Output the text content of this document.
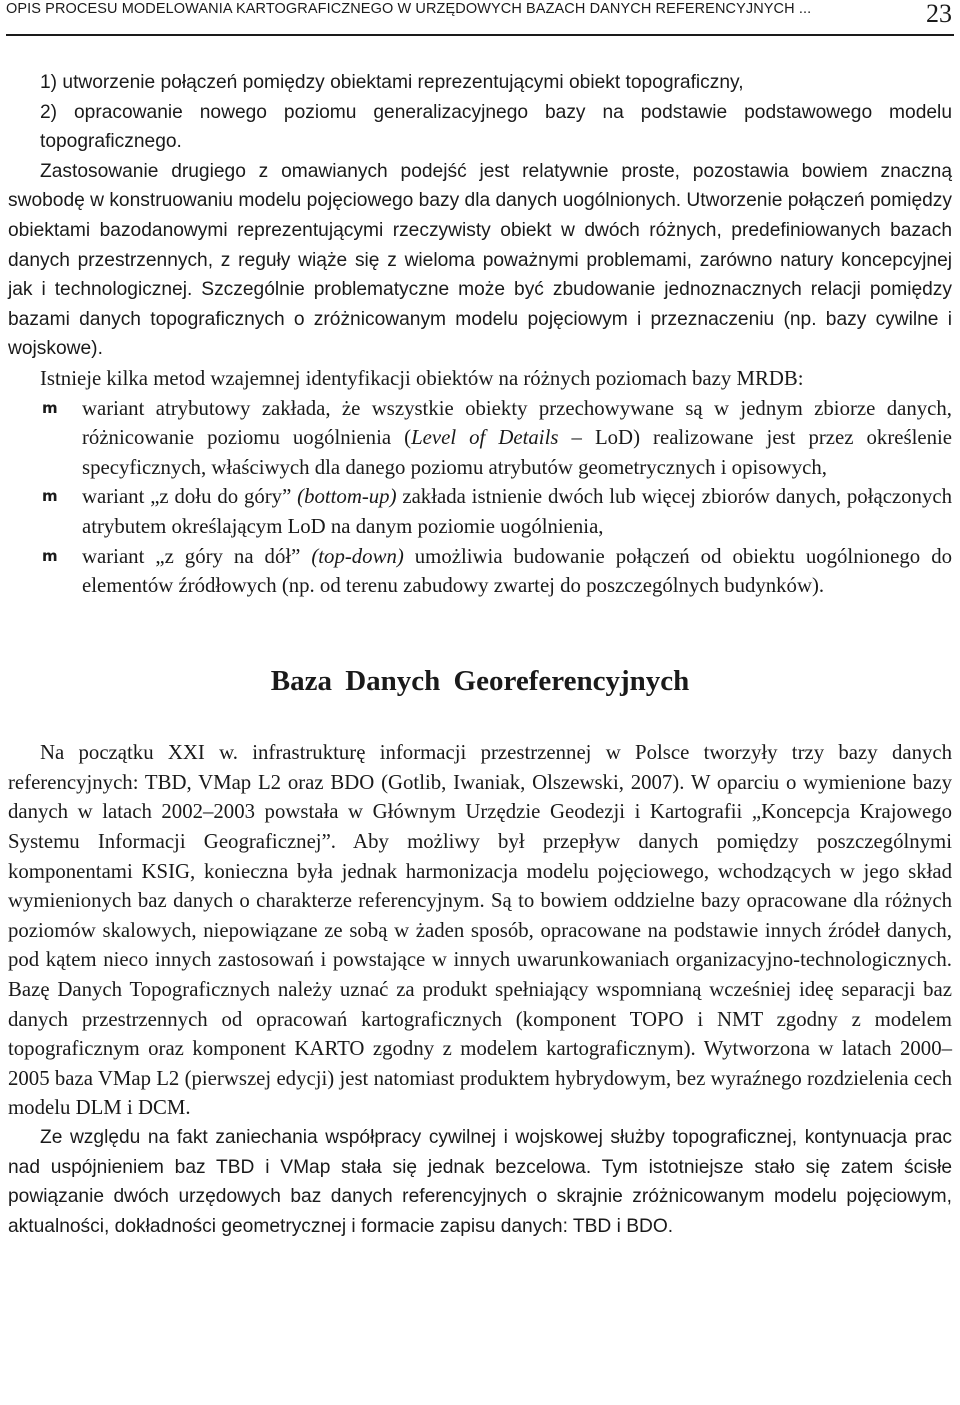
OPIS PROCESU MODELOWANIA KARTOGRAFICZNEGO W URZĘDOWYCH BAZACH DANYCH REFERENCYJNYCH ...	23

1) utworzenie połączeń pomiędzy obiektami reprezentującymi obiekt topograficzny,

2) opracowanie nowego poziomu generalizacyjnego bazy na podstawie podstawowego modelu topograficznego.

Zastosowanie drugiego z omawianych podejść jest relatywnie proste, pozostawia bowiem znaczną swobodę w konstruowaniu modelu pojęciowego bazy dla danych uogólnionych. Utworzenie połączeń pomiędzy obiektami bazodanowymi reprezentującymi rzeczywisty obiekt w dwóch różnych, predefiniowanych bazach danych przestrzennych, z reguły wiąże się z wieloma poważnymi problemami, zarówno natury koncepcyjnej jak i technologicznej. Szczególnie problematyczne może być zbudowanie jednoznacznych relacji pomiędzy bazami danych topograficznych o zróżnicowanym modelu pojęciowym i przeznaczeniu (np. bazy cywilne i wojskowe).

Istnieje kilka metod wzajemnej identyfikacji obiektów na różnych poziomach bazy MRDB:

m wariant atrybutowy zakłada, że wszystkie obiekty przechowywane są w jednym zbiorze danych, różnicowanie poziomu uogólnienia (Level of Details – LoD) realizowane jest przez określenie specyficznych, właściwych dla danego poziomu atrybutów geometrycznych i opisowych,
m wariant „z dołu do góry” (bottom-up) zakłada istnienie dwóch lub więcej zbiorów danych, połączonych atrybutem określającym LoD na danym poziomie uogólnienia,
m wariant „z góry na dół” (top-down) umożliwia budowanie połączeń od obiektu uogólnionego do elementów źródłowych (np. od terenu zabudowy zwartej do poszczególnych budynków).
Baza Danych Georeferencyjnych

Na początku XXI w. infrastrukturę informacji przestrzennej w Polsce tworzyły trzy bazy danych referencyjnych: TBD, VMap L2 oraz BDO (Gotlib, Iwaniak, Olszewski, 2007). W oparciu o wymienione bazy danych w latach 2002–2003 powstała w Głównym Urzędzie Geodezji i Kartografii „Koncepcja Krajowego Systemu Informacji Geograficznej”. Aby możliwy był przepływ danych pomiędzy poszczególnymi komponentami KSIG, konieczna była jednak harmonizacja modelu pojęciowego, wchodzących w jego skład wymienionych baz danych o charakterze referencyjnym. Są to bowiem oddzielne bazy opracowane dla różnych poziomów skalowych, niepowiązane ze sobą w żaden sposób, opracowane na podstawie innych źródeł danych, pod kątem nieco innych zastosowań i powstające w innych uwarunkowaniach organizacyjno-technologicznych. Bazę Danych Topograficznych należy uznać za produkt spełniający wspomnianą wcześniej ideę separacji baz danych przestrzennych od opracowań kartograficznych (komponent TOPO i NMT zgodny z modelem topograficznym oraz komponent KARTO zgodny z modelem kartograficznym). Wytworzona w latach 2000–2005 baza VMap L2 (pierwszej edycji) jest natomiast produktem hybrydowym, bez wyraźnego rozdzielenia cech modelu DLM i DCM.

Ze względu na fakt zaniechania współpracy cywilnej i wojskowej służby topograficznej, kontynuacja prac nad uspójnieniem baz TBD i VMap stała się jednak bezcelowa. Tym istotniejsze stało się zatem ścisłe powiązanie dwóch urzędowych baz danych referencyjnych o skrajnie zróżnicowanym modelu pojęciowym, aktualności, dokładności geometrycznej i formacie zapisu danych: TBD i BDO.
